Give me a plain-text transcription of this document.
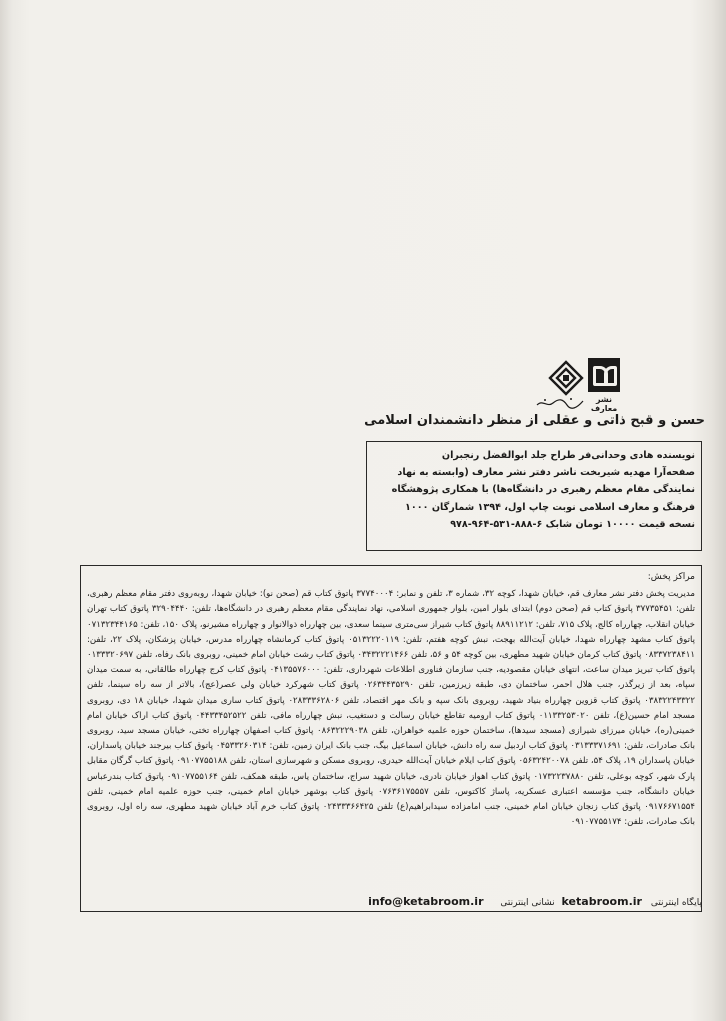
نشر معارف
حسن و قبح ذاتی و عقلی از منظر دانشمندان اسلامی

نویسنده هادی وحدانی‌فر طراح جلد ابوالفضل رنجبران

صفحه‌آرا مهدیه شیربخت ناشر دفتر نشر معارف (وابسته به نهاد

نمایندگی مقام معظم رهبری در دانشگاه‌ها) با همکاری پژوهشگاه

فرهنگ و معارف اسلامی نوبت چاپ اول، ۱۳۹۴ شمارگان ۱۰۰۰

نسخه قیمت ۱۰۰۰۰ تومان شابک ۶-۸۸۸-۵۳۱-۹۶۴-۹۷۸

مراکز پخش:

مدیریت پخش دفتر نشر معارف قم، خیابان شهدا، کوچه ۳۲، شماره ۳، تلفن و نمابر: ۳۷۷۴۰۰۰۴ پاتوق کتاب قم (صحن نو): خیابان شهدا، روبه‌روی دفتر مقام معظم رهبری، تلفن: ۳۷۷۳۵۴۵۱ پاتوق کتاب قم (صحن دوم) ابتدای بلوار امین، بلوار جمهوری اسلامی، نهاد نمایندگی مقام معظم رهبری در دانشگاه‌ها، تلفن: ۳۲۹۰۴۴۴۰ پاتوق کتاب تهران خیابان انقلاب، چهارراه کالج، پلاک ۷۱۵، تلفن: ۸۸۹۱۱۲۱۲ پاتوق کتاب شیراز سی‌متری سینما سعدی، بین چهارراه ذوالانوار و چهارراه مشیرنو، پلاک ۱۵۰، تلفن: ۰۷۱۳۲۳۴۴۱۶۵ پاتوق کتاب مشهد چهارراه شهدا، خیابان آیت‌الله بهجت، نبش کوچه هفتم، تلفن: ۰۵۱۳۲۲۲۰۱۱۹ پاتوق کتاب کرمانشاه چهارراه مدرس، خیابان پزشکان، پلاک ۲۲، تلفن: ۰۸۳۳۷۲۳۸۴۱۱ پاتوق کتاب کرمان خیابان شهید مطهری، بین کوچه ۵۴ و ۵۶، تلفن ۰۳۴۳۲۲۲۱۴۶۶ پاتوق کتاب رشت خیابان امام خمینی، روبروی بانک رفاه، تلفن ۰۱۳۳۳۲۰۶۹۷ پاتوق کتاب تبریز میدان ساعت، انتهای خیابان مقصودیه، جنب سازمان فناوری اطلاعات شهرداری، تلفن: ۰۴۱۳۵۵۷۶۰۰۰ پاتوق کتاب کرج چهارراه طالقانی، به سمت میدان سپاه، بعد از زیرگذر، جنب هلال احمر، ساختمان دی، طبقه زیرزمین، تلفن ۰۲۶۳۴۴۳۵۲۹۰ پاتوق کتاب شهرکرد خیابان ولی عصر(عج)، بالاتر از سه راه سینما، تلفن ۰۳۸۳۲۲۴۳۳۲۲ پاتوق کتاب قزوین چهارراه بنیاد شهید، روبروی بانک سپه و بانک مهر اقتصاد، تلفن ۰۲۸۳۳۳۶۲۸۰۶ پاتوق کتاب ساری میدان شهدا، خیابان ۱۸ دی، روبروی مسجد امام حسین(ع)، تلفن ۰۱۱۳۳۲۵۳۰۲۰ پاتوق کتاب ارومیه تقاطع خیابان رسالت و دستغیب، نبش چهارراه مافی، تلفن ۰۴۴۳۳۴۵۲۵۲۲ پاتوق کتاب اراک خیابان امام خمینی(ره)، خیابان میرزای شیرازی (مسجد سیدها)، ساختمان حوزه علمیه خواهران، تلفن ۰۸۶۳۲۲۲۹۰۳۸ پاتوق کتاب اصفهان چهارراه تختی، خیابان مسجد سید، روبروی بانک صادرات، تلفن: ۰۳۱۳۳۳۷۱۶۹۱ پاتوق کتاب اردبیل سه راه دانش، خیابان اسماعیل بیگ، جنب بانک ایران زمین، تلفن: ۰۴۵۳۳۲۶۰۳۱۴ پاتوق کتاب بیرجند خیابان پاسداران، خیابان پاسداران ۱۹، پلاک ۵۴، تلفن ۰۵۶۳۲۴۲۰۰۷۸ پاتوق کتاب ایلام خیابان آیت‌الله حیدری، روبروی مسکن و شهرسازی استان، تلفن ۰۹۱۰۷۷۵۵۱۸۸ پاتوق کتاب گرگان مقابل پارک شهر، کوچه بوعلی، تلفن ۰۱۷۳۲۲۳۷۸۸۰ پاتوق کتاب اهواز خیابان نادری، خیابان شهید سراج، ساختمان یاس، طبقه همکف، تلفن ۰۹۱۰۷۷۵۵۱۶۴ پاتوق کتاب بندرعباس خیابان دانشگاه، جنب مؤسسه اعتباری عسکریه، پاساژ کاکتوس، تلفن ۰۷۶۳۶۱۷۵۵۵۷ پاتوق کتاب بوشهر خیابان امام خمینی، جنب حوزه علمیه امام خمینی، تلفن ۰۹۱۷۶۶۷۱۵۵۴ پاتوق کتاب زنجان خیابان امام خمینی، جنب امامزاده سیدابراهیم(ع) تلفن ۰۲۴۳۳۳۶۶۴۲۵ پاتوق کتاب خرم آباد خیابان شهید مطهری، سه راه اول، روبروی بانک صادرات، تلفن: ۰۹۱۰۷۷۵۵۱۷۴

پایگاه اینترنتی ketabroom.ir نشانی اینترنتی info@ketabroom.ir
